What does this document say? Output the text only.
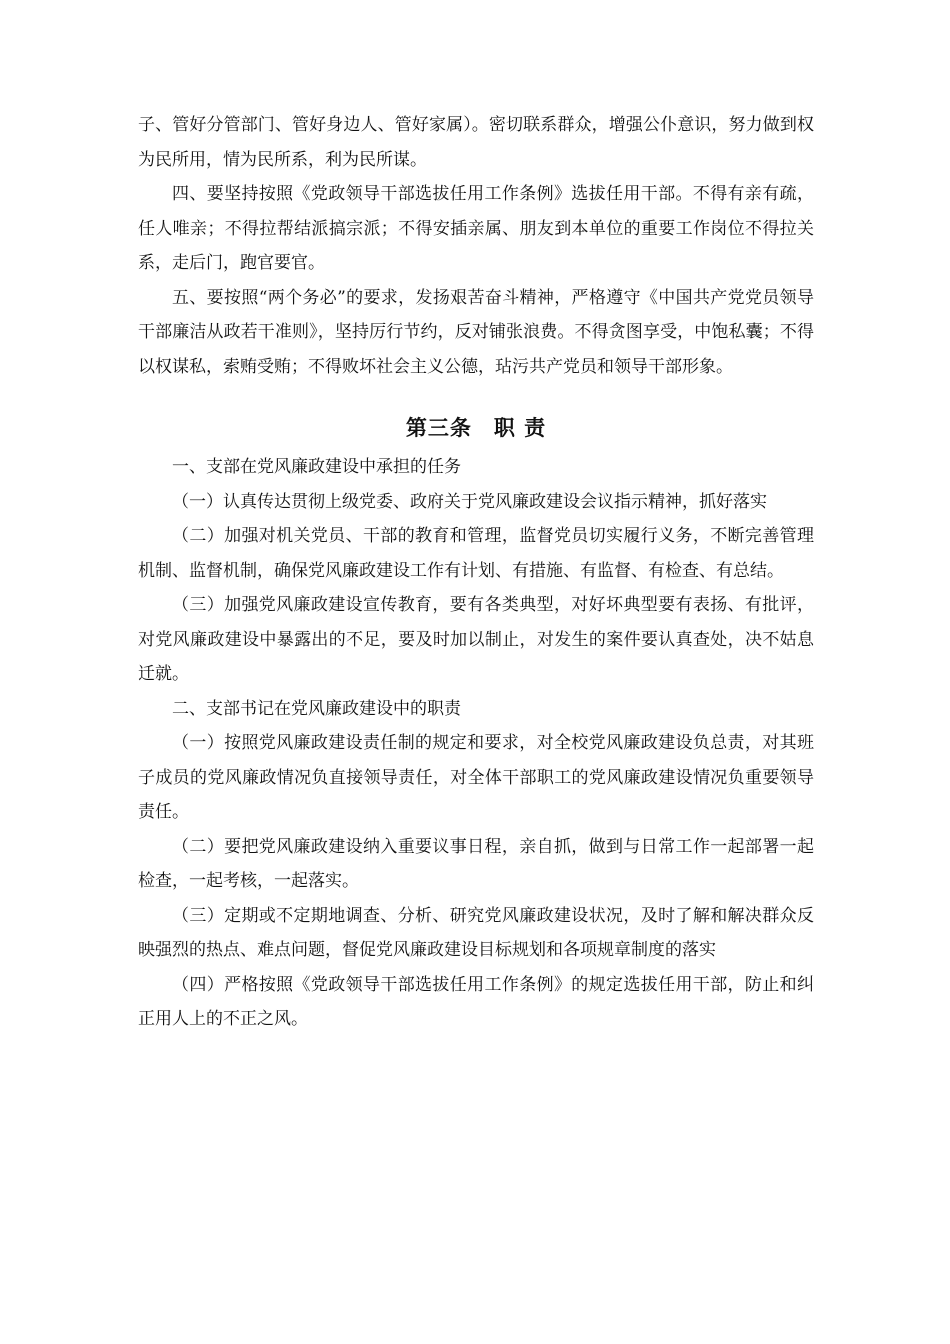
子、管好分管部门、管好身边人、管好家属）。密切联系群众，增强公仆意识，努力做到权为民所用，情为民所系，利为民所谋。

四、要坚持按照《党政领导干部选拔任用工作条例》选拔任用干部。不得有亲有疏，任人唯亲；不得拉帮结派搞宗派；不得安插亲属、朋友到本单位的重要工作岗位不得拉关系，走后门，跑官要官。

五、要按照“两个务必”的要求，发扬艰苦奋斗精神，严格遵守《中国共产党党员领导干部廉洁从政若干准则》，坚持厉行节约，反对铺张浪费。不得贪图享受，中饱私囊；不得以权谋私，索贿受贿；不得败坏社会主义公德，玷污共产党员和领导干部形象。

第三条　职 责

一、支部在党风廉政建设中承担的任务

（一）认真传达贯彻上级党委、政府关于党风廉政建设会议指示精神，抓好落实

（二）加强对机关党员、干部的教育和管理，监督党员切实履行义务，不断完善管理机制、监督机制，确保党风廉政建设工作有计划、有措施、有监督、有检查、有总结。

（三）加强党风廉政建设宣传教育，要有各类典型，对好坏典型要有表扬、有批评，对党风廉政建设中暴露出的不足，要及时加以制止，对发生的案件要认真查处，决不姑息迁就。

二、支部书记在党风廉政建设中的职责

（一）按照党风廉政建设责任制的规定和要求，对全校党风廉政建设负总责，对其班子成员的党风廉政情况负直接领导责任，对全体干部职工的党风廉政建设情况负重要领导责任。

（二）要把党风廉政建设纳入重要议事日程，亲自抓，做到与日常工作一起部署一起检查，一起考核，一起落实。

（三）定期或不定期地调查、分析、研究党风廉政建设状况，及时了解和解决群众反映强烈的热点、难点问题，督促党风廉政建设目标规划和各项规章制度的落实

（四）严格按照《党政领导干部选拔任用工作条例》的规定选拔任用干部，防止和纠正用人上的不正之风。
